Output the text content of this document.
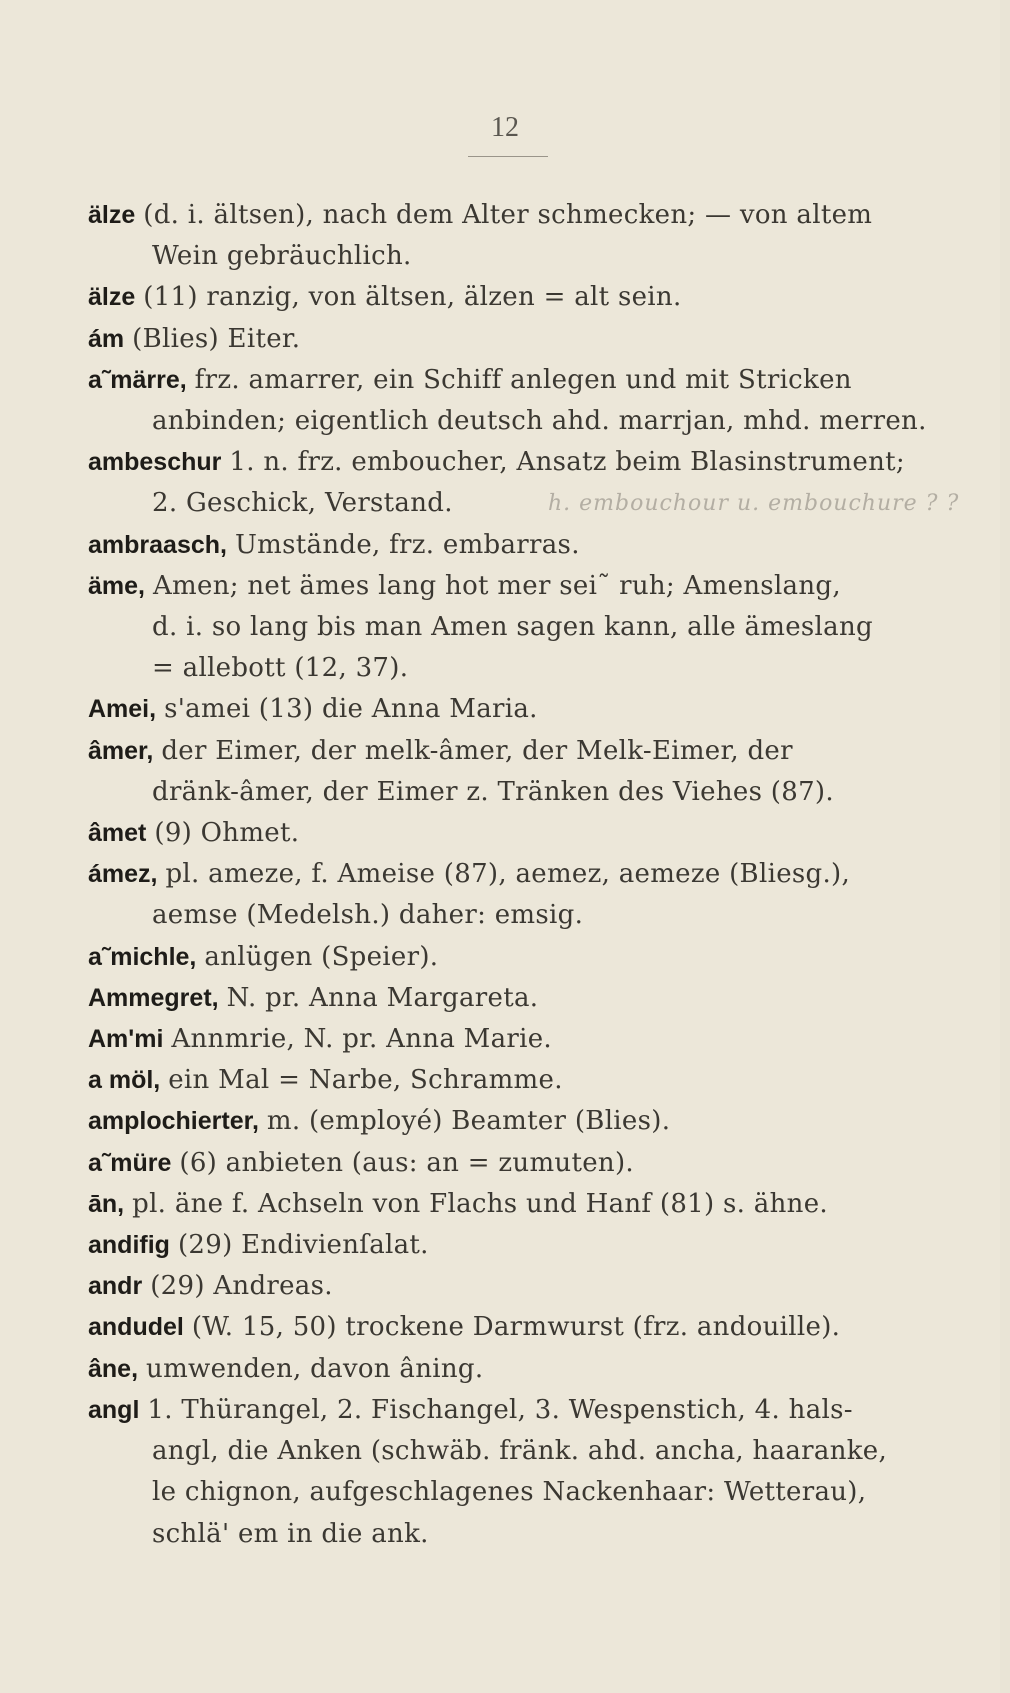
12
älze (d. i. ältsen), nach dem Alter schmecken; — von altem
Wein gebräuchlich.
älze (11) ranzig, von ältsen, älzen = alt sein.
ám (Blies) Eiter.
a˜märre, frz. amarrer, ein Schiff anlegen und mit Stricken
anbinden; eigentlich deutsch ahd. marrjan, mhd. merren.
ambeschur 1. n. frz. emboucher, Ansatz beim Blasinstrument;
2. Geschick, Verstand.	h. embouchour u. embouchure ? ?
ambraasch, Umstände, frz. embarras.
äme, Amen; net ämes lang hot mer sei˜ ruh; Amenslang,
d. i. so lang bis man Amen sagen kann, alle ämeslang
= allebott (12, 37).
Amei, s'amei (13) die Anna Maria.
âmer, der Eimer, der melk-âmer, der Melk-Eimer, der
dränk-âmer, der Eimer z. Tränken des Viehes (87).
âmet (9) Ohmet.
ámez, pl. ameze, f. Ameise (87), aemez, aemeze (Bliesg.),
aemse (Medelsh.) daher: emsig.
a˜michle, anlügen (Speier).
Ammegret, N. pr. Anna Margareta.
Am'mi Annmrie, N. pr. Anna Marie.
a möl, ein Mal = Narbe, Schramme.
amplochierter, m. (employé) Beamter (Blies).
a˜müre (6) anbieten (aus: an = zumuten).
ān, pl. äne f. Achseln von Flachs und Hanf (81) s. ähne.
andifig (29) Endivienſalat.
andr (29) Andreas.
andudel (W. 15, 50) trockene Darmwurst (frz. andouille).
âne, umwenden, davon âning.
angl 1. Thürangel, 2. Fischangel, 3. Wespenstich, 4. hals-
angl, die Anken (schwäb. fränk. ahd. ancha, haaranke,
le chignon, aufgeschlagenes Nackenhaar: Wetterau),
schlä' em in die ank.
